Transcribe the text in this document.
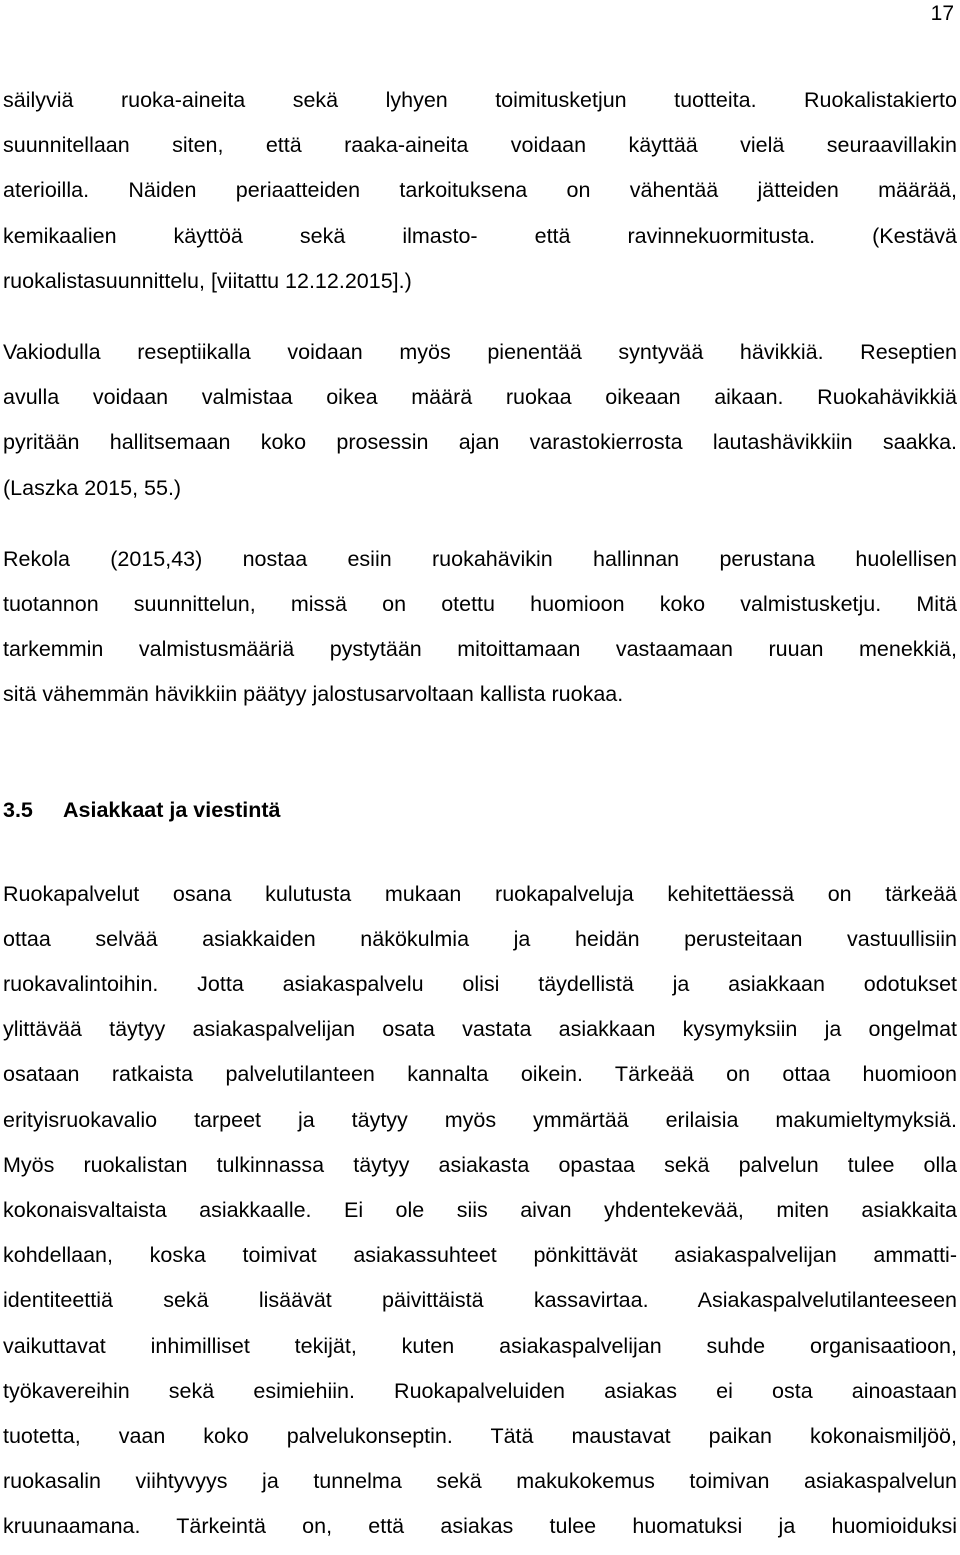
17
säilyviä ruoka-aineita sekä lyhyen toimitusketjun tuotteita. Ruokalistakierto
suunnitellaan siten, että raaka-aineita voidaan käyttää vielä seuraavillakin
aterioilla. Näiden periaatteiden tarkoituksena on vähentää jätteiden määrää,
kemikaalien käyttöä sekä ilmasto- että ravinnekuormitusta. (Kestävä
ruokalistasuunnittelu, [viitattu 12.12.2015].)
Vakiodulla reseptiikalla voidaan myös pienentää syntyvää hävikkiä. Reseptien
avulla voidaan valmistaa oikea määrä ruokaa oikeaan aikaan. Ruokahävikkiä
pyritään hallitsemaan koko prosessin ajan varastokierrosta lautashävikkiin saakka.
(Laszka 2015, 55.)
Rekola (2015,43) nostaa esiin ruokahävikin hallinnan perustana huolellisen
tuotannon suunnittelun, missä on otettu huomioon koko valmistusketju. Mitä
tarkemmin valmistusmääriä pystytään mitoittamaan vastaamaan ruuan menekkiä,
sitä vähemmän hävikkiin päätyy jalostusarvoltaan kallista ruokaa.
3.5	Asiakkaat ja viestintä
Ruokapalvelut osana kulutusta mukaan ruokapalveluja kehitettäessä on tärkeää
ottaa selvää asiakkaiden näkökulmia ja heidän perusteitaan vastuullisiin
ruokavalintoihin. Jotta asiakaspalvelu olisi täydellistä ja asiakkaan odotukset
ylittävää täytyy asiakaspalvelijan osata vastata asiakkaan kysymyksiin ja ongelmat
osataan ratkaista palvelutilanteen kannalta oikein. Tärkeää on ottaa huomioon
erityisruokavalio tarpeet ja täytyy myös ymmärtää erilaisia makumieltymyksiä.
Myös ruokalistan tulkinnassa täytyy asiakasta opastaa sekä palvelun tulee olla
kokonaisvaltaista asiakkaalle. Ei ole siis aivan yhdentekevää, miten asiakkaita
kohdellaan, koska toimivat asiakassuhteet pönkittävät asiakaspalvelijan ammatti-
identiteettiä sekä lisäävät päivittäistä kassavirtaa. Asiakaspalvelutilanteeseen
vaikuttavat inhimilliset tekijät, kuten asiakaspalvelijan suhde organisaatioon,
työkavereihin sekä esimiehiin. Ruokapalveluiden asiakas ei osta ainoastaan
tuotetta, vaan koko palvelukonseptin. Tätä maustavat paikan kokonaismiljöö,
ruokasalin viihtyvyys ja tunnelma sekä makukokemus toimivan asiakaspalvelun
kruunaamana. Tärkeintä on, että asiakas tulee huomatuksi ja huomioiduksi
